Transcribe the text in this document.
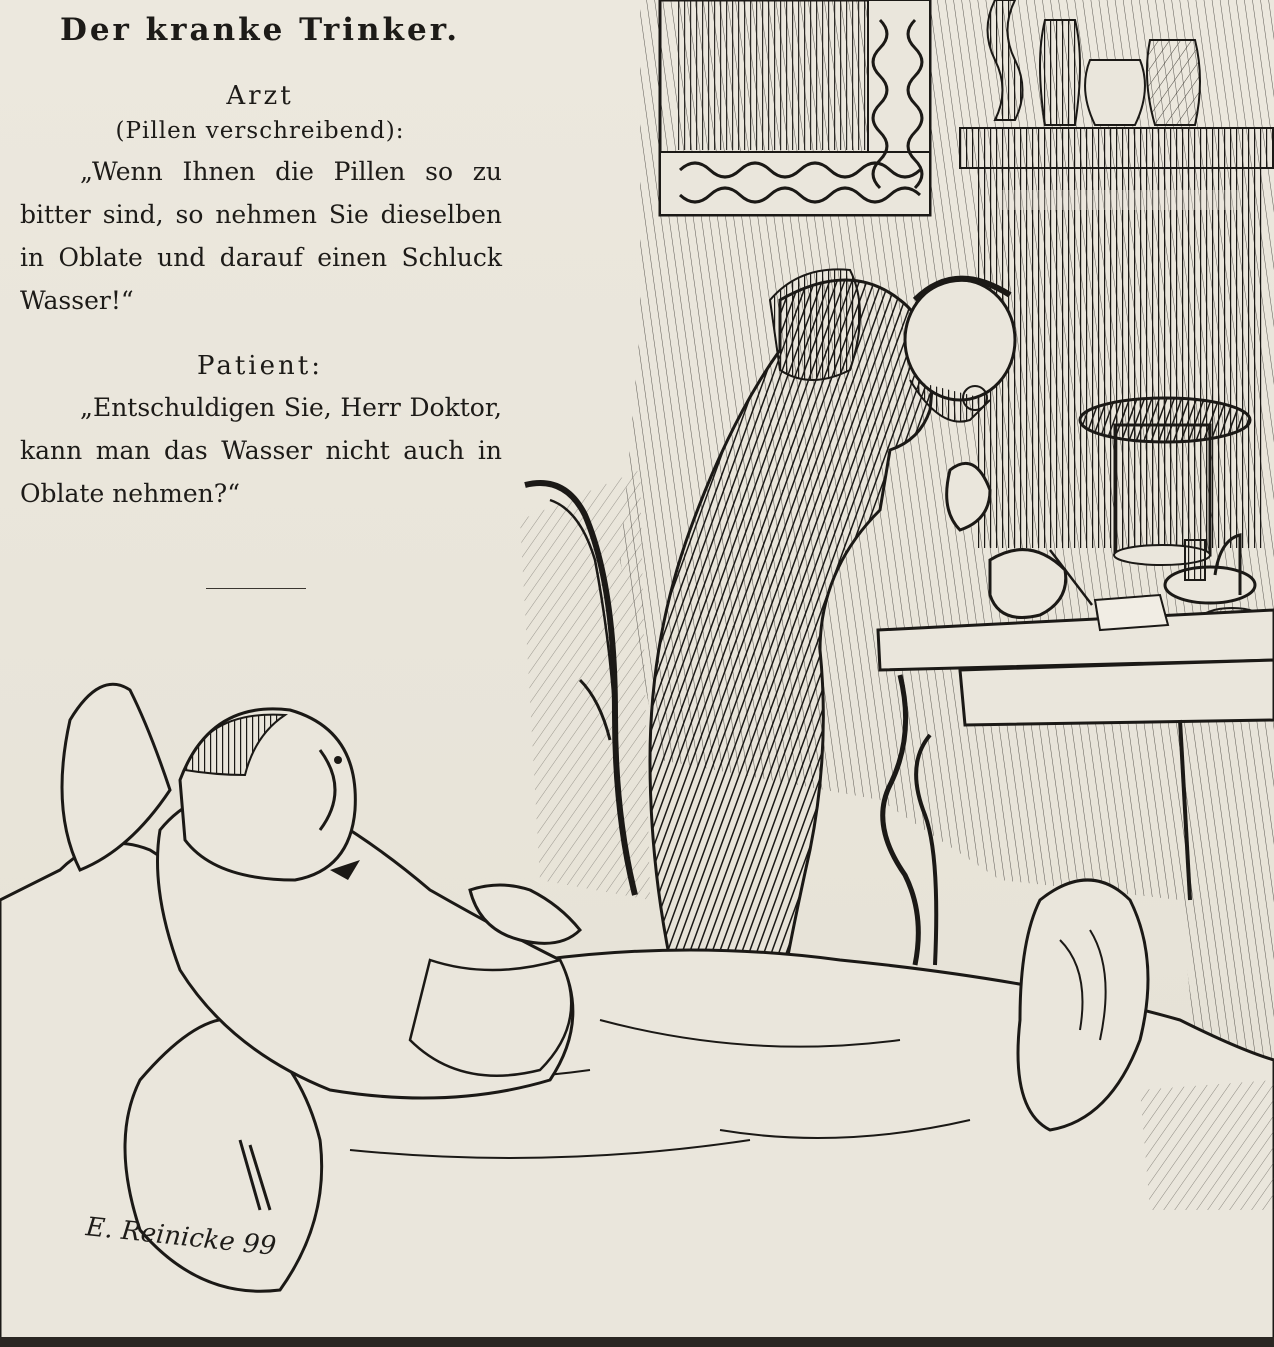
Der kranke Trinker.
Arzt
(Pillen verschreibend):
„Wenn Ihnen die Pillen so zu bitter sind, so nehmen Sie dieselben in Oblate und darauf einen Schluck Wasser!“
Patient:
„Entschuldigen Sie, Herr Doktor, kann man das Wasser nicht auch in Oblate nehmen?“
E. Reinicke 99
